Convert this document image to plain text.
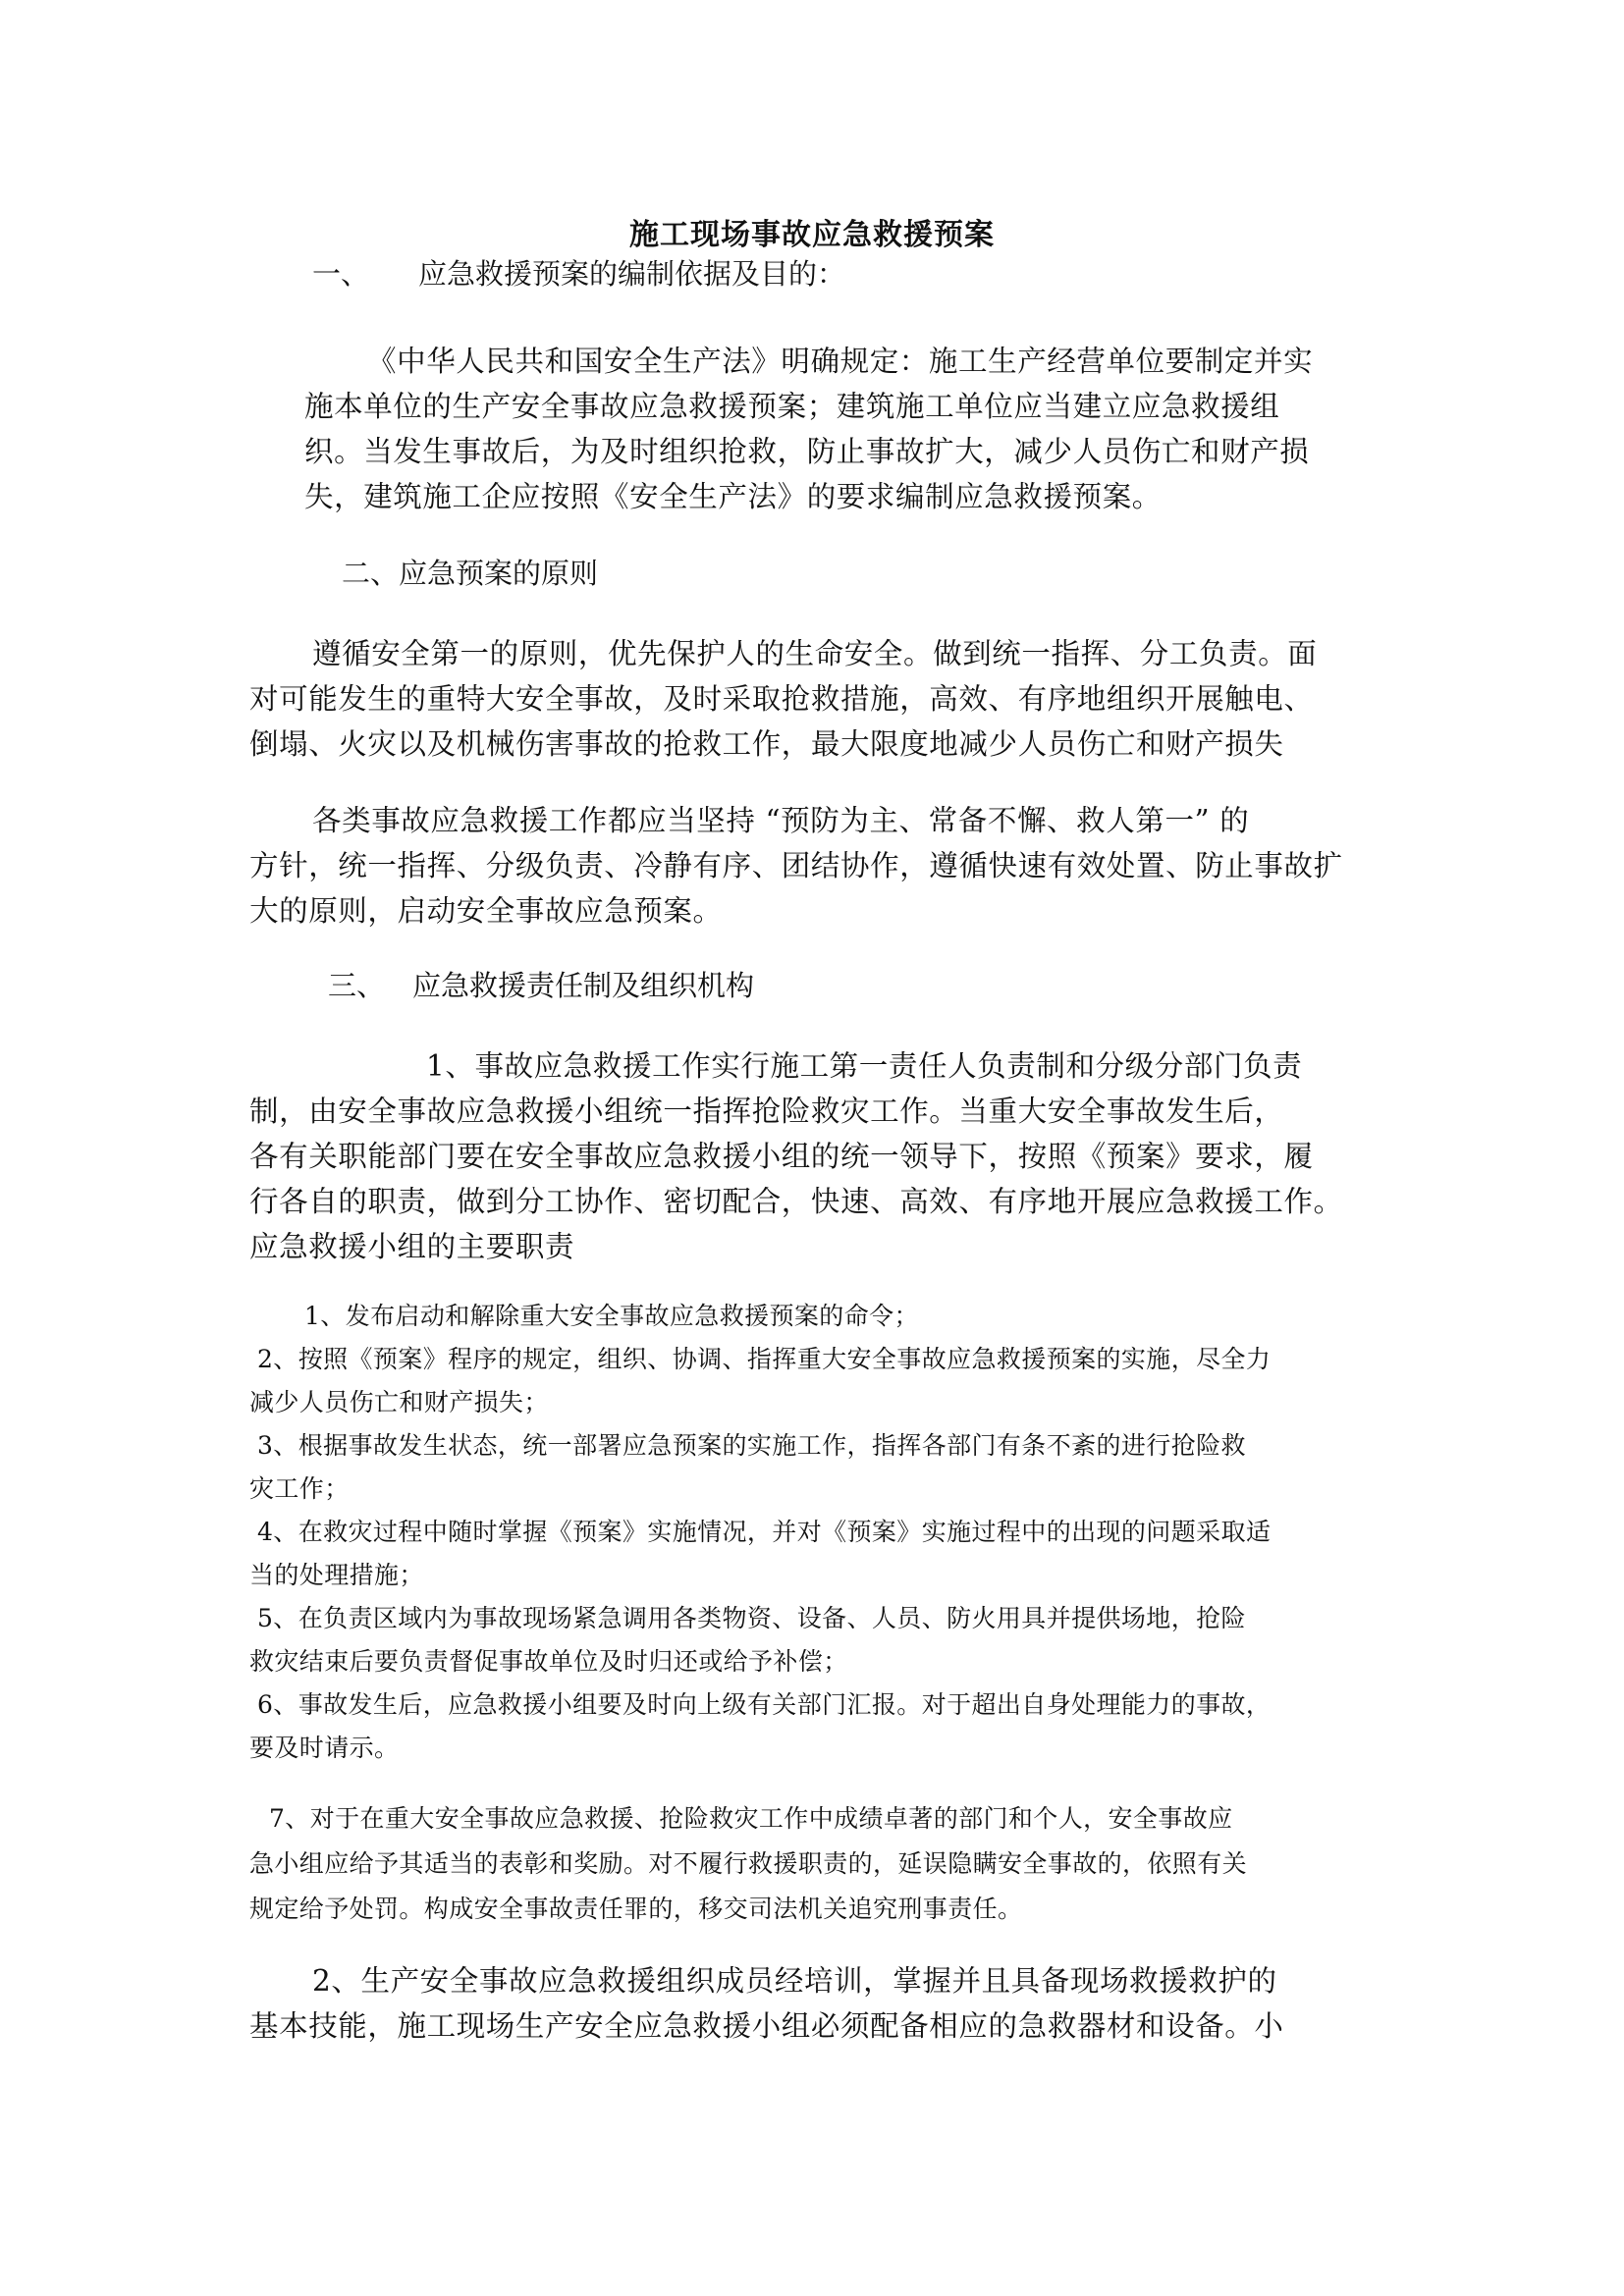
施工现场事故应急救援预案
一、 应急救援预案的编制依据及目的：
《中华人民共和国安全生产法》明确规定：施工生产经营单位要制定并实
施本单位的生产安全事故应急救援预案；建筑施工单位应当建立应急救援组
织。当发生事故后，为及时组织抢救，防止事故扩大，减少人员伤亡和财产损
失，建筑施工企应按照《安全生产法》的要求编制应急救援预案。
二、应急预案的原则
遵循安全第一的原则，优先保护人的生命安全。做到统一指挥、分工负责。面
对可能发生的重特大安全事故，及时采取抢救措施，高效、有序地组织开展触电、
倒塌、火灾以及机械伤害事故的抢救工作，最大限度地减少人员伤亡和财产损失
各类事故应急救援工作都应当坚持 “预防为主、常备不懈、救人第一” 的
方针，统一指挥、分级负责、冷静有序、团结协作，遵循快速有效处置、防止事故扩
大的原则，启动安全事故应急预案。
三、 应急救援责任制及组织机构
1、事故应急救援工作实行施工第一责任人负责制和分级分部门负责
制，由安全事故应急救援小组统一指挥抢险救灾工作。当重大安全事故发生后，
各有关职能部门要在安全事故应急救援小组的统一领导下，按照《预案》要求，履
行各自的职责，做到分工协作、密切配合，快速、高效、有序地开展应急救援工作。
应急救援小组的主要职责
1、发布启动和解除重大安全事故应急救援预案的命令；
2、按照《预案》程序的规定，组织、协调、指挥重大安全事故应急救援预案的实施，尽全力
减少人员伤亡和财产损失；
3、根据事故发生状态，统一部署应急预案的实施工作，指挥各部门有条不紊的进行抢险救
灾工作；
4、在救灾过程中随时掌握《预案》实施情况，并对《预案》实施过程中的出现的问题采取适
当的处理措施；
5、在负责区域内为事故现场紧急调用各类物资、设备、人员、防火用具并提供场地，抢险
救灾结束后要负责督促事故单位及时归还或给予补偿；
6、事故发生后，应急救援小组要及时向上级有关部门汇报。对于超出自身处理能力的事故，
要及时请示。
7、对于在重大安全事故应急救援、抢险救灾工作中成绩卓著的部门和个人，安全事故应
急小组应给予其适当的表彰和奖励。对不履行救援职责的，延误隐瞒安全事故的，依照有关
规定给予处罚。构成安全事故责任罪的，移交司法机关追究刑事责任。
2、生产安全事故应急救援组织成员经培训，掌握并且具备现场救援救护的
基本技能，施工现场生产安全应急救援小组必须配备相应的急救器材和设备。小
